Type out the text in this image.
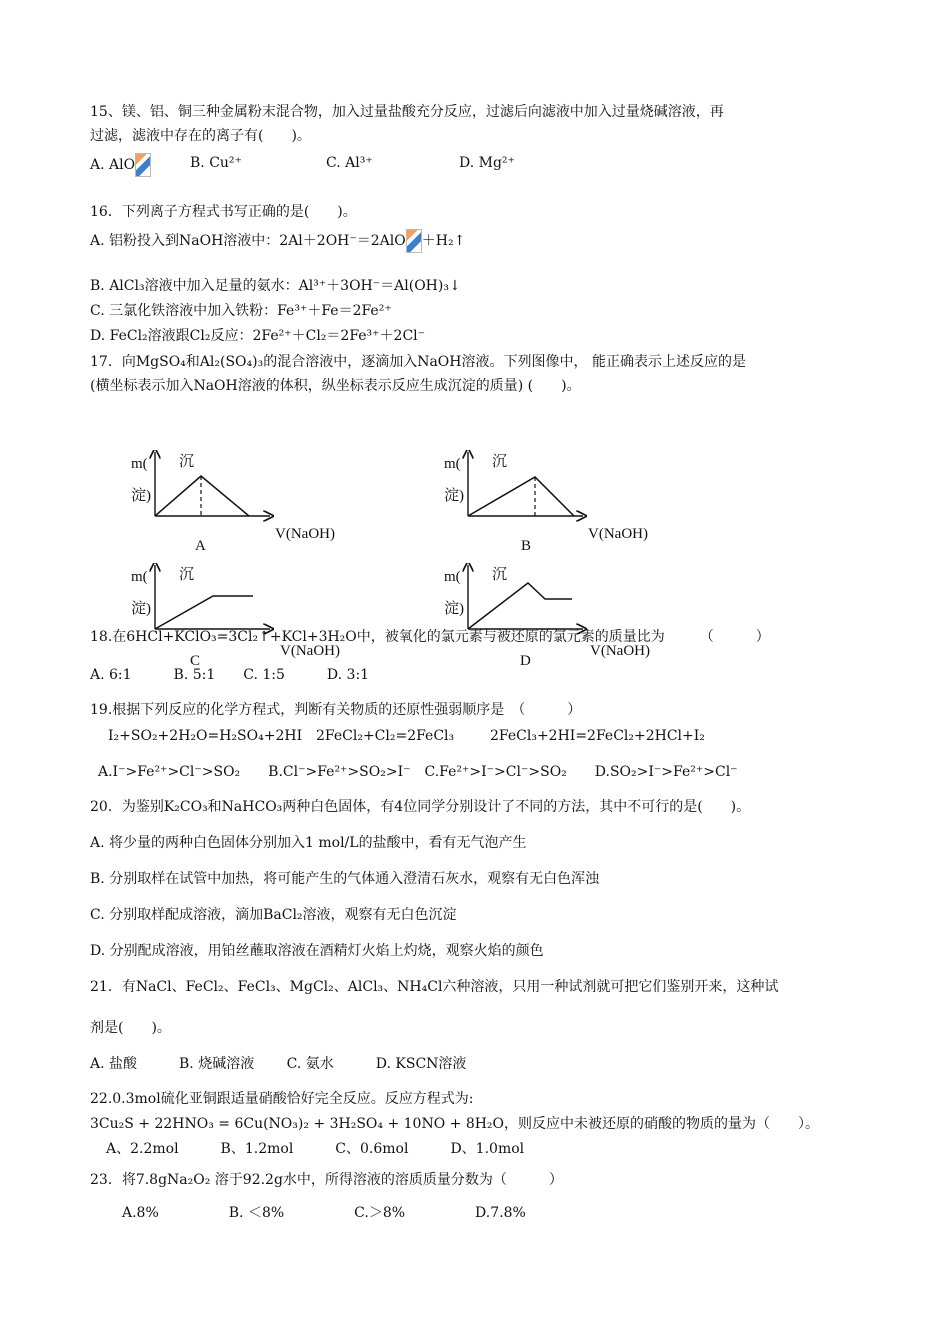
15、镁、铝、铜三种金属粉末混合物，加入过量盐酸充分反应，过滤后向滤液中加入过量烧碱溶液，再
过滤，滤液中存在的离子有(　　)。
A. AlO	B. Cu²⁺	C. Al³⁺	D. Mg²⁺
16．下列离子方程式书写正确的是(　　)。
A. 铝粉投入到NaOH溶液中：2Al＋2OH⁻＝2AlO ＋H₂↑
B. AlCl₃溶液中加入足量的氨水：Al³⁺＋3OH⁻＝Al(OH)₃↓
C. 三氯化铁溶液中加入铁粉：Fe³⁺＋Fe＝2Fe²⁺
D. FeCl₂溶液跟Cl₂反应：2Fe²⁺＋Cl₂＝2Fe³⁺＋2Cl⁻
17．向MgSO₄和Al₂(SO₄)₃的混合溶液中，逐滴加入NaOH溶液。下列图像中， 能正确表示上述反应的是
(横坐标表示加入NaOH溶液的体积，纵坐标表示反应生成沉淀的质量) (　　)。
m( 沉
淀)
V(NaOH)
A
m( 沉
淀)
V(NaOH)
B
m( 沉
淀)
V(NaOH)
C
m( 沉
淀)
V(NaOH)
D
18.在6HCl+KClO₃=3Cl₂↑+KCl+3H₂O中，被氧化的氯元素与被还原的氯元素的质量比为　　　（　　　）
A. 6:1　　　B. 5:1　　C. 1:5　　　D. 3:1
19.根据下列反应的化学方程式，判断有关物质的还原性强弱顺序是　（　　　）
I₂+SO₂+2H₂O=H₂SO₄+2HI 2FeCl₂+Cl₂=2FeCl₃	2FeCl₃+2HI=2FeCl₂+2HCl+I₂
A.I⁻>Fe²⁺>Cl⁻>SO₂　　B.Cl⁻>Fe²⁺>SO₂>I⁻　C.Fe²⁺>I⁻>Cl⁻>SO₂　　D.SO₂>I⁻>Fe²⁺>Cl⁻
20．为鉴别K₂CO₃和NaHCO₃两种白色固体，有4位同学分别设计了不同的方法，其中不可行的是(　　)。
A. 将少量的两种白色固体分别加入1 mol/L的盐酸中，看有无气泡产生
B. 分别取样在试管中加热，将可能产生的气体通入澄清石灰水，观察有无白色浑浊
C. 分别取样配成溶液，滴加BaCl₂溶液，观察有无白色沉淀
D. 分别配成溶液，用铂丝蘸取溶液在酒精灯火焰上灼烧，观察火焰的颜色
21．有NaCl、FeCl₂、FeCl₃、MgCl₂、AlCl₃、NH₄Cl六种溶液，只用一种试剂就可把它们鉴别开来，这种试
剂是(　　)。
A. 盐酸　　　B. 烧碱溶液　　 C. 氨水　　　D. KSCN溶液
22.0.3mol硫化亚铜跟适量硝酸恰好完全反应。反应方程式为:
3Cu₂S + 22HNO₃ = 6Cu(NO₃)₂ + 3H₂SO₄ + 10NO + 8H₂O，则反应中未被还原的硝酸的物质的量为（　　）。
A、2.2mol　　　B、1.2mol　　　C、0.6mol　　　D、1.0mol
23．将7.8gNa₂O₂ 溶于92.2g水中，所得溶液的溶质质量分数为（　　　）
A.8%　　　　　B. ＜8%　　　　　C.＞8%　　　　　D.7.8%
